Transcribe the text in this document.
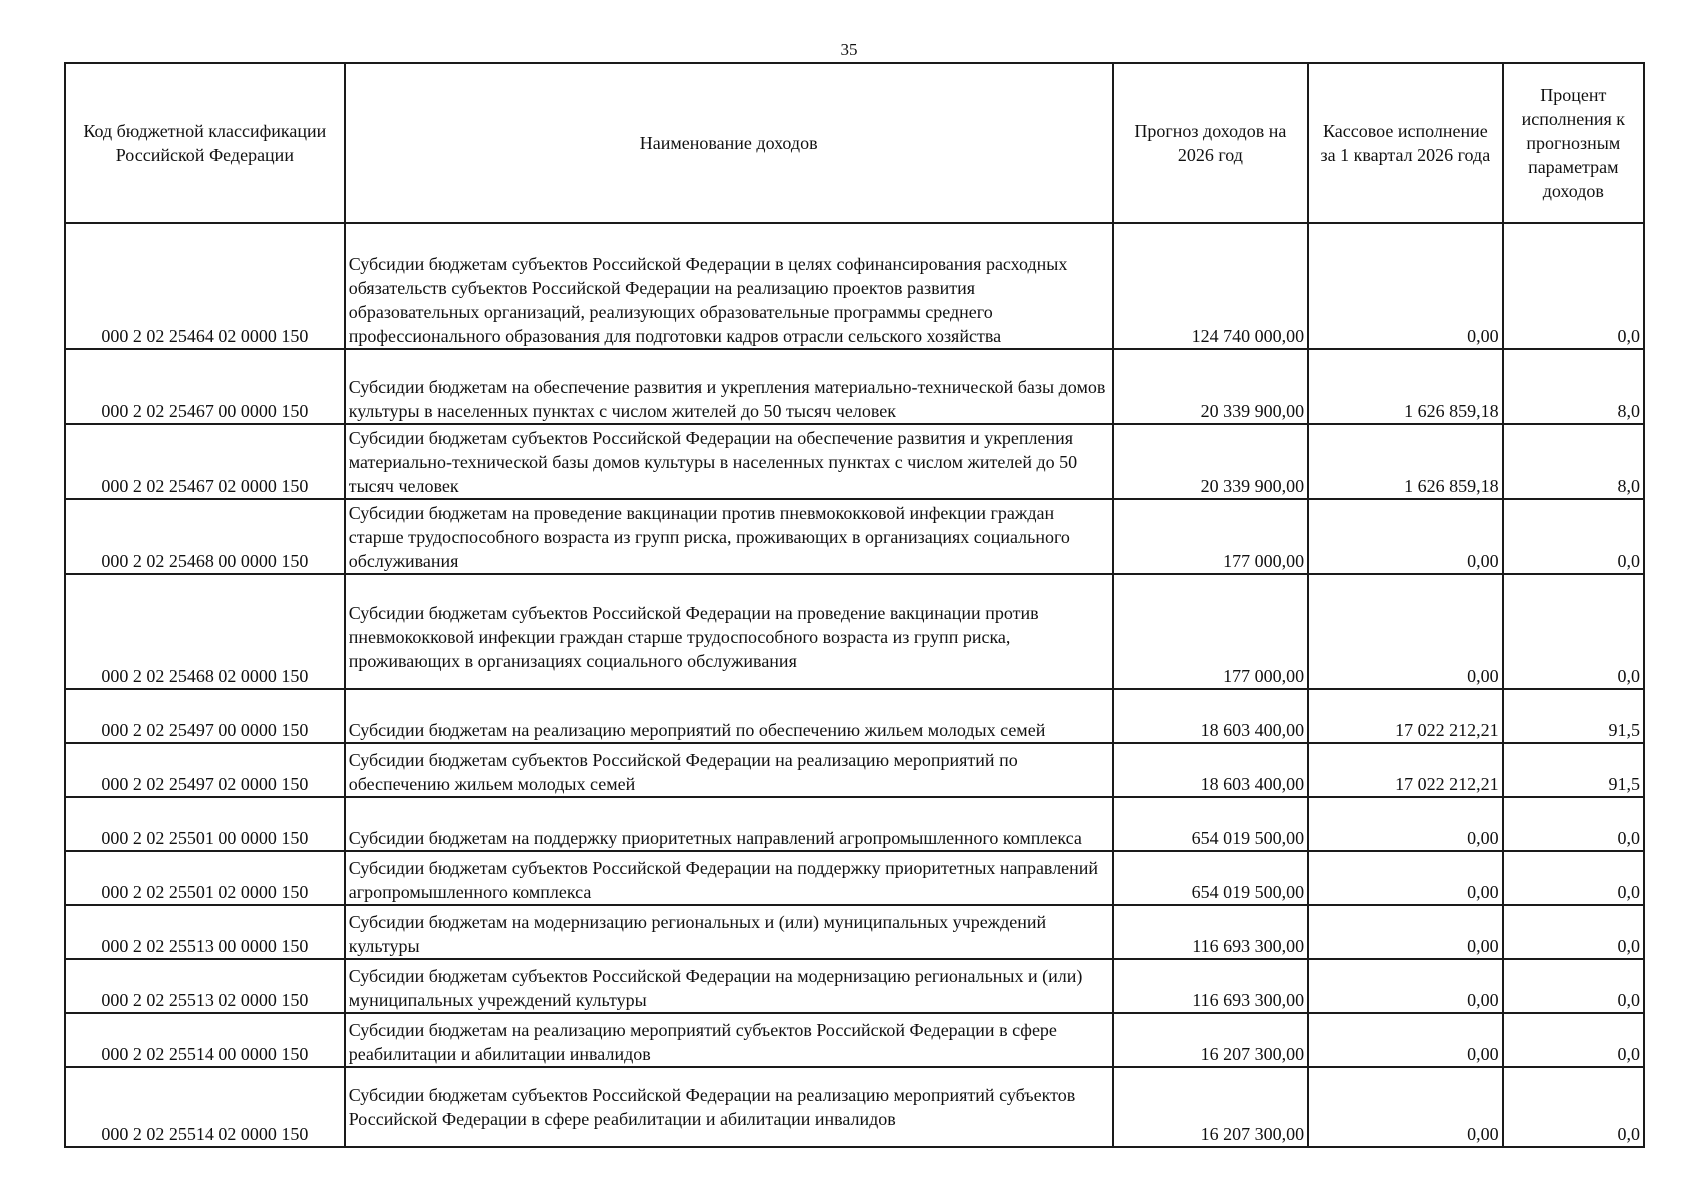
35
Код бюджетной классификации Российской Федерации	Наименование доходов	Прогноз доходов на 2026 год	Кассовое исполнение за 1 квартал 2026 года	Процент исполнения к прогнозным параметрам доходов
000 2 02 25464 02 0000 150	Субсидии бюджетам субъектов Российской Федерации в целях софинансирования расходных обязательств субъектов Российской Федерации на реализацию проектов развития образовательных организаций, реализующих образовательные программы среднего профессионального образования для подготовки кадров отрасли сельского хозяйства	124 740 000,00	0,00	0,0
000 2 02 25467 00 0000 150	Субсидии бюджетам на обеспечение развития и укрепления материально-технической базы домов культуры в населенных пунктах с числом жителей до 50 тысяч человек	20 339 900,00	1 626 859,18	8,0
000 2 02 25467 02 0000 150	Субсидии бюджетам субъектов Российской Федерации на обеспечение развития и укрепления материально-технической базы домов культуры в населенных пунктах с числом жителей до 50 тысяч человек	20 339 900,00	1 626 859,18	8,0
000 2 02 25468 00 0000 150	Субсидии бюджетам на проведение вакцинации против пневмококковой инфекции граждан старше трудоспособного возраста из групп риска, проживающих в организациях социального обслуживания	177 000,00	0,00	0,0
000 2 02 25468 02 0000 150	Субсидии бюджетам субъектов Российской Федерации на проведение вакцинации против пневмококковой инфекции граждан старше трудоспособного возраста из групп риска, проживающих в организациях социального обслуживания	177 000,00	0,00	0,0
000 2 02 25497 00 0000 150	Субсидии бюджетам на реализацию мероприятий по обеспечению жильем молодых семей	18 603 400,00	17 022 212,21	91,5
000 2 02 25497 02 0000 150	Субсидии бюджетам субъектов Российской Федерации на реализацию мероприятий по обеспечению жильем молодых семей	18 603 400,00	17 022 212,21	91,5
000 2 02 25501 00 0000 150	Субсидии бюджетам на поддержку приоритетных направлений агропромышленного комплекса	654 019 500,00	0,00	0,0
000 2 02 25501 02 0000 150	Субсидии бюджетам субъектов Российской Федерации на поддержку приоритетных направлений агропромышленного комплекса	654 019 500,00	0,00	0,0
000 2 02 25513 00 0000 150	Субсидии бюджетам на модернизацию региональных и (или) муниципальных учреждений культуры	116 693 300,00	0,00	0,0
000 2 02 25513 02 0000 150	Субсидии бюджетам субъектов Российской Федерации на модернизацию региональных и (или) муниципальных учреждений культуры	116 693 300,00	0,00	0,0
000 2 02 25514 00 0000 150	Субсидии бюджетам на реализацию мероприятий субъектов Российской Федерации в сфере реабилитации и абилитации инвалидов	16 207 300,00	0,00	0,0
000 2 02 25514 02 0000 150	Субсидии бюджетам субъектов Российской Федерации на реализацию мероприятий субъектов Российской Федерации в сфере реабилитации и абилитации инвалидов	16 207 300,00	0,00	0,0
